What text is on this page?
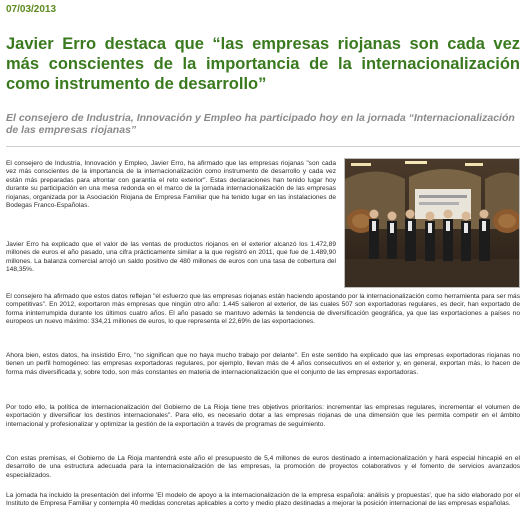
07/03/2013
Javier Erro destaca que “las empresas riojanas son cada vez más conscientes de la importancia de la internacionalización como instrumento de desarrollo”
El consejero de Industria, Innovación y Empleo ha participado hoy en la jornada “Internacionalización de las empresas riojanas”

El consejero de Industria, Innovación y Empleo, Javier Erro, ha afirmado que las empresas riojanas "son cada vez más conscientes de la importancia de la internacionalización como instrumento de desarrollo y cada vez están más preparadas para afrontar con garantía el reto exterior". Estas declaraciones han tenido lugar hoy durante su participación en una mesa redonda en el marco de la jornada internacionalización de las empresas riojanas, organizada por la Asociación Riojana de Empresa Familiar que ha tenido lugar en las instalaciones de Bodegas Franco-Españolas.

Javier Erro ha explicado que el valor de las ventas de productos riojanos en el exterior alcanzó los 1.472,89 millones de euros el año pasado, una cifra prácticamente similar a la que registró en 2011, que fue de 1.489,90 millones. La balanza comercial arrojó un saldo positivo de 480 millones de euros con una tasa de cobertura del 148,35%.

El consejero ha afirmado que estos datos reflejan "el esfuerzo que las empresas riojanas están haciendo apostando por la internacionalización como herramienta para ser más competitivas". En 2012, exportaron más empresas que ningún otro año: 1.445 salieron al exterior, de las cuales 507 son exportadoras regulares, es decir, han exportado de forma ininterrumpida durante los últimos cuatro años. El año pasado se mantuvo además la tendencia de diversificación geográfica, ya que las exportaciones a países no europeos un nuevo máximo: 334,21 millones de euros, lo que representa el 22,69% de las exportaciones.

Ahora bien, estos datos, ha insistido Erro, "no significan que no haya mucho trabajo por delante". En este sentido ha explicado que las empresas exportadoras riojanas no tienen un perfil homogéneo: las empresas exportadoras regulares, por ejemplo, llevan más de 4 años consecutivos en el exterior y, en general, exportan más, lo hacen de forma más diversificada y, sobre todo, son más constantes en materia de internacionalización que el conjunto de las empresas exportadoras.

Por todo ello, la política de internacionalización del Gobierno de La Rioja tiene tres objetivos prioritarios: incrementar las empresas regulares, incrementar el volumen de exportación y diversificar los destinos internacionales". Para ello, es necesario dotar a las empresas riojanas de una dimensión que les permita competir en el ámbito internacional y profesionalizar y optimizar la gestión de la exportación a través de programas de seguimiento.

Con estas premisas, el Gobierno de La Rioja mantendrá este año el presupuesto de 5,4 millones de euros destinado a internacionalización y hará especial hincapié en el desarrollo de una estructura adecuada para la internacionalización de las empresas, la promoción de proyectos colaborativos y el fomento de servicios avanzados especializados.

La jornada ha incluido la presentación del informe 'El modelo de apoyo a la internacionalización de la empresa española: análisis y propuestas', que ha sido elaborado por el Instituto de Empresa Familiar y contempla 40 medidas concretas aplicables a corto y medio plazo destinadas a mejorar la posición internacional de las empresas españolas.
